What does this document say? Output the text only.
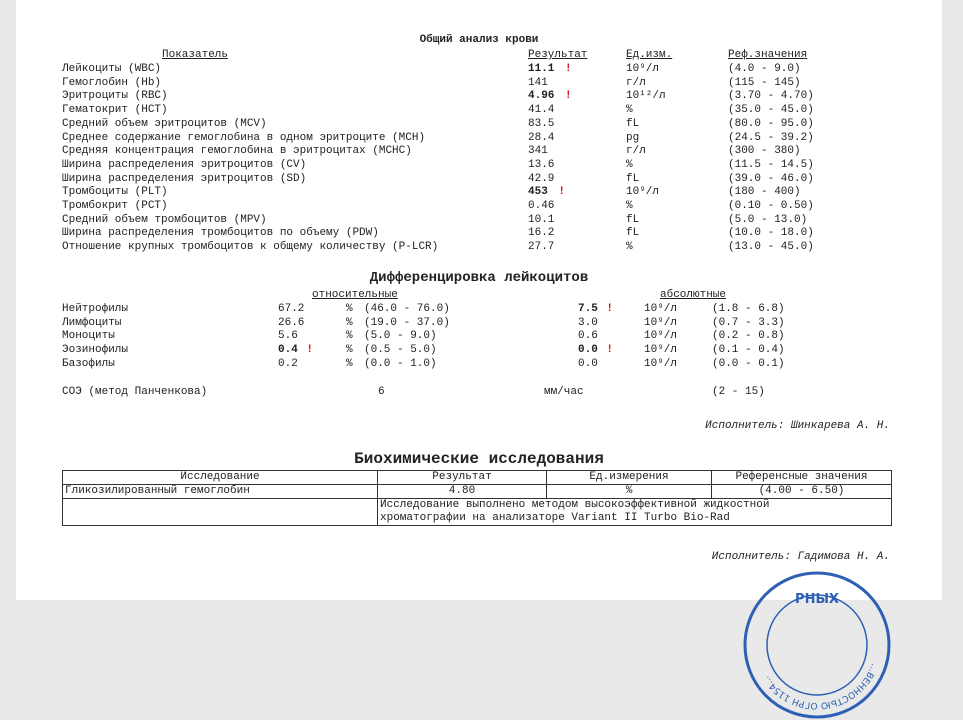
Общий анализ крови
Показатель	Результат	Ед.изм.	Реф.значения
Лейкоциты (WBC)	11.1 !	10⁹/л	(4.0 - 9.0)
Гемоглобин (Hb)	141	г/л	(115 - 145)
Эритроциты (RBC)	4.96 !	10¹²/л	(3.70 - 4.70)
Гематокрит (HCT)	41.4	%	(35.0 - 45.0)
Средний объем эритроцитов (MCV)	83.5	fL	(80.0 - 95.0)
Среднее содержание гемоглобина в одном эритроците (MCH)	28.4	pg	(24.5 - 39.2)
Средняя концентрация гемоглобина в эритроцитах (MCHC)	341	г/л	(300 - 380)
Ширина распределения эритроцитов (CV)	13.6	%	(11.5 - 14.5)
Ширина распределения эритроцитов (SD)	42.9	fL	(39.0 - 46.0)
Тромбоциты (PLT)	453 !	10⁹/л	(180 - 400)
Тромбокрит (PCT)	0.46	%	(0.10 - 0.50)
Средний объем тромбоцитов (MPV)	10.1	fL	(5.0 - 13.0)
Ширина распределения тромбоцитов по объему (PDW)	16.2	fL	(10.0 - 18.0)
Отношение крупных тромбоцитов к общему количеству (P-LCR)	27.7	%	(13.0 - 45.0)
Дифференцировка лейкоцитов
относительные	абсолютные
Нейтрофилы	67.2	% (46.0 - 76.0)	7.5 !	10⁹/л	(1.8 - 6.8)
Лимфоциты	26.6	% (19.0 - 37.0)	3.0	10⁹/л	(0.7 - 3.3)
Моноциты	5.6	% (5.0 - 9.0)	0.6	10⁹/л	(0.2 - 0.8)
Эозинофилы	0.4 !	% (0.5 - 5.0)	0.0 !	10⁹/л	(0.1 - 0.4)
Базофилы	0.2	% (0.0 - 1.0)	0.0	10⁹/л	(0.0 - 0.1)
СОЭ (метод Панченкова)	6	мм/час	(2 - 15)
Исполнитель: Шинкарева А. Н.
Биохимические исследования
Исследование	Результат	Ед.измерения	Референсные значения
Гликозилированный гемоглобин	4.80	%	(4.00 - 6.50)
	Исследование выполнено методом высокоэффективной жидкостной хроматографии на анализаторе Variant II Turbo Bio-Rad		
Исполнитель: Гадимова Н. А.
…ВЕННОСТЬЮ ОГРН 1154…
РНЫХ
